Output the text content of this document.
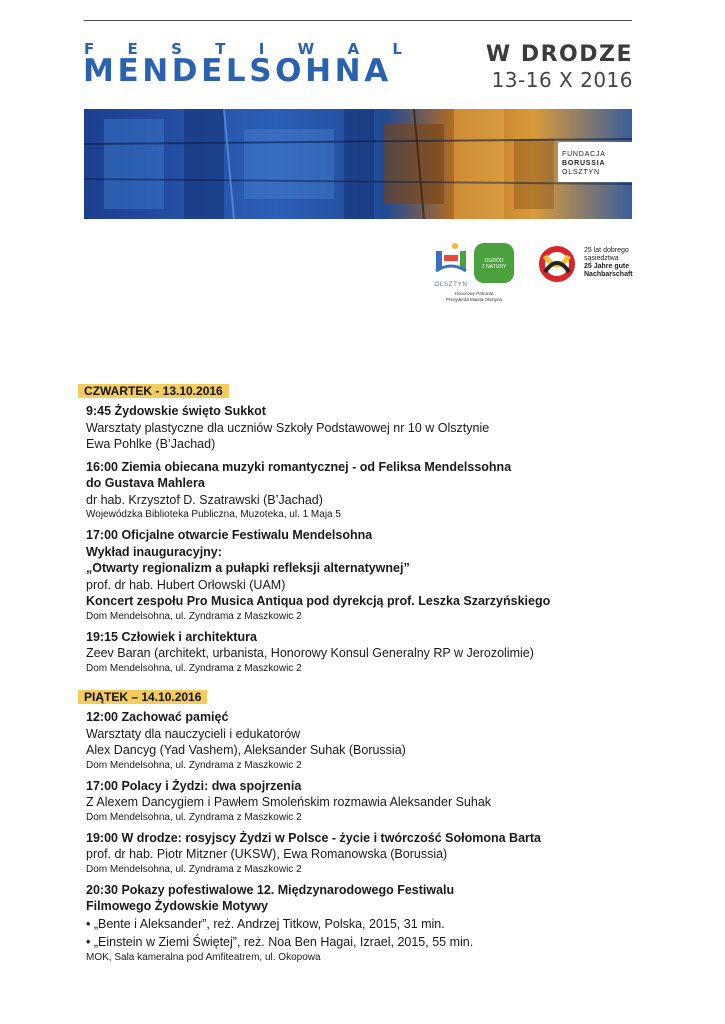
F E S T I W A L
MENDELSOHNA	W DRODZE
13-16 X 2016
FUNDACJA
BORUSSIA
OLSZTYN
OLSZTYN
OGRÓD
Z NATURY
Honorowy Patronat
Prezydenta Miasta Olsztyna
25 lat dobrego
sąsiedztwa
25 Jahre gute
Nachbarschaft
CZWARTEK - 13.10.2016
9:45 Żydowskie święto Sukkot
Warsztaty plastyczne dla uczniów Szkoły Podstawowej nr 10 w Olsztynie
Ewa Pohlke (B’Jachad)
16:00 Ziemia obiecana muzyki romantycznej - od Feliksa Mendelssohna
do Gustava Mahlera
dr hab. Krzysztof D. Szatrawski (B’Jachad)
Wojewódzka Biblioteka Publiczna, Muzoteka, ul. 1 Maja 5
17:00 Oficjalne otwarcie Festiwalu Mendelsohna
Wykład inauguracyjny:
„Otwarty regionalizm a pułapki refleksji alternatywnej”
prof. dr hab. Hubert Orłowski (UAM)
Koncert zespołu Pro Musica Antiqua pod dyrekcją prof. Leszka Szarzyńskiego
Dom Mendelsohna, ul. Zyndrama z Maszkowic 2
19:15 Człowiek i architektura
Zeev Baran (architekt, urbanista, Honorowy Konsul Generalny RP w Jerozolimie)
Dom Mendelsohna, ul. Zyndrama z Maszkowic 2
PIĄTEK – 14.10.2016
12:00 Zachować pamięć
Warsztaty dla nauczycieli i edukatorów
Alex Dancyg (Yad Vashem), Aleksander Suhak (Borussia)
Dom Mendelsohna, ul. Zyndrama z Maszkowic 2
17:00 Polacy i Żydzi: dwa spojrzenia
Z Alexem Dancygiem i Pawłem Smoleńskim rozmawia Aleksander Suhak
Dom Mendelsohna, ul. Zyndrama z Maszkowic 2
19:00 W drodze: rosyjscy Żydzi w Polsce - życie i twórczość Sołomona Barta
prof. dr hab. Piotr Mitzner (UKSW), Ewa Romanowska (Borussia)
Dom Mendelsohna, ul. Zyndrama z Maszkowic 2
20:30 Pokazy pofestiwalowe 12. Międzynarodowego Festiwalu
Filmowego Żydowskie Motywy
• „Bente i Aleksander”, reż. Andrzej Titkow, Polska, 2015, 31 min.
• „Einstein w Ziemi Świętej”, reż. Noa Ben Hagai, Izrael, 2015, 55 min.
MOK, Sala kameralna pod Amfiteatrem, ul. Okopowa
